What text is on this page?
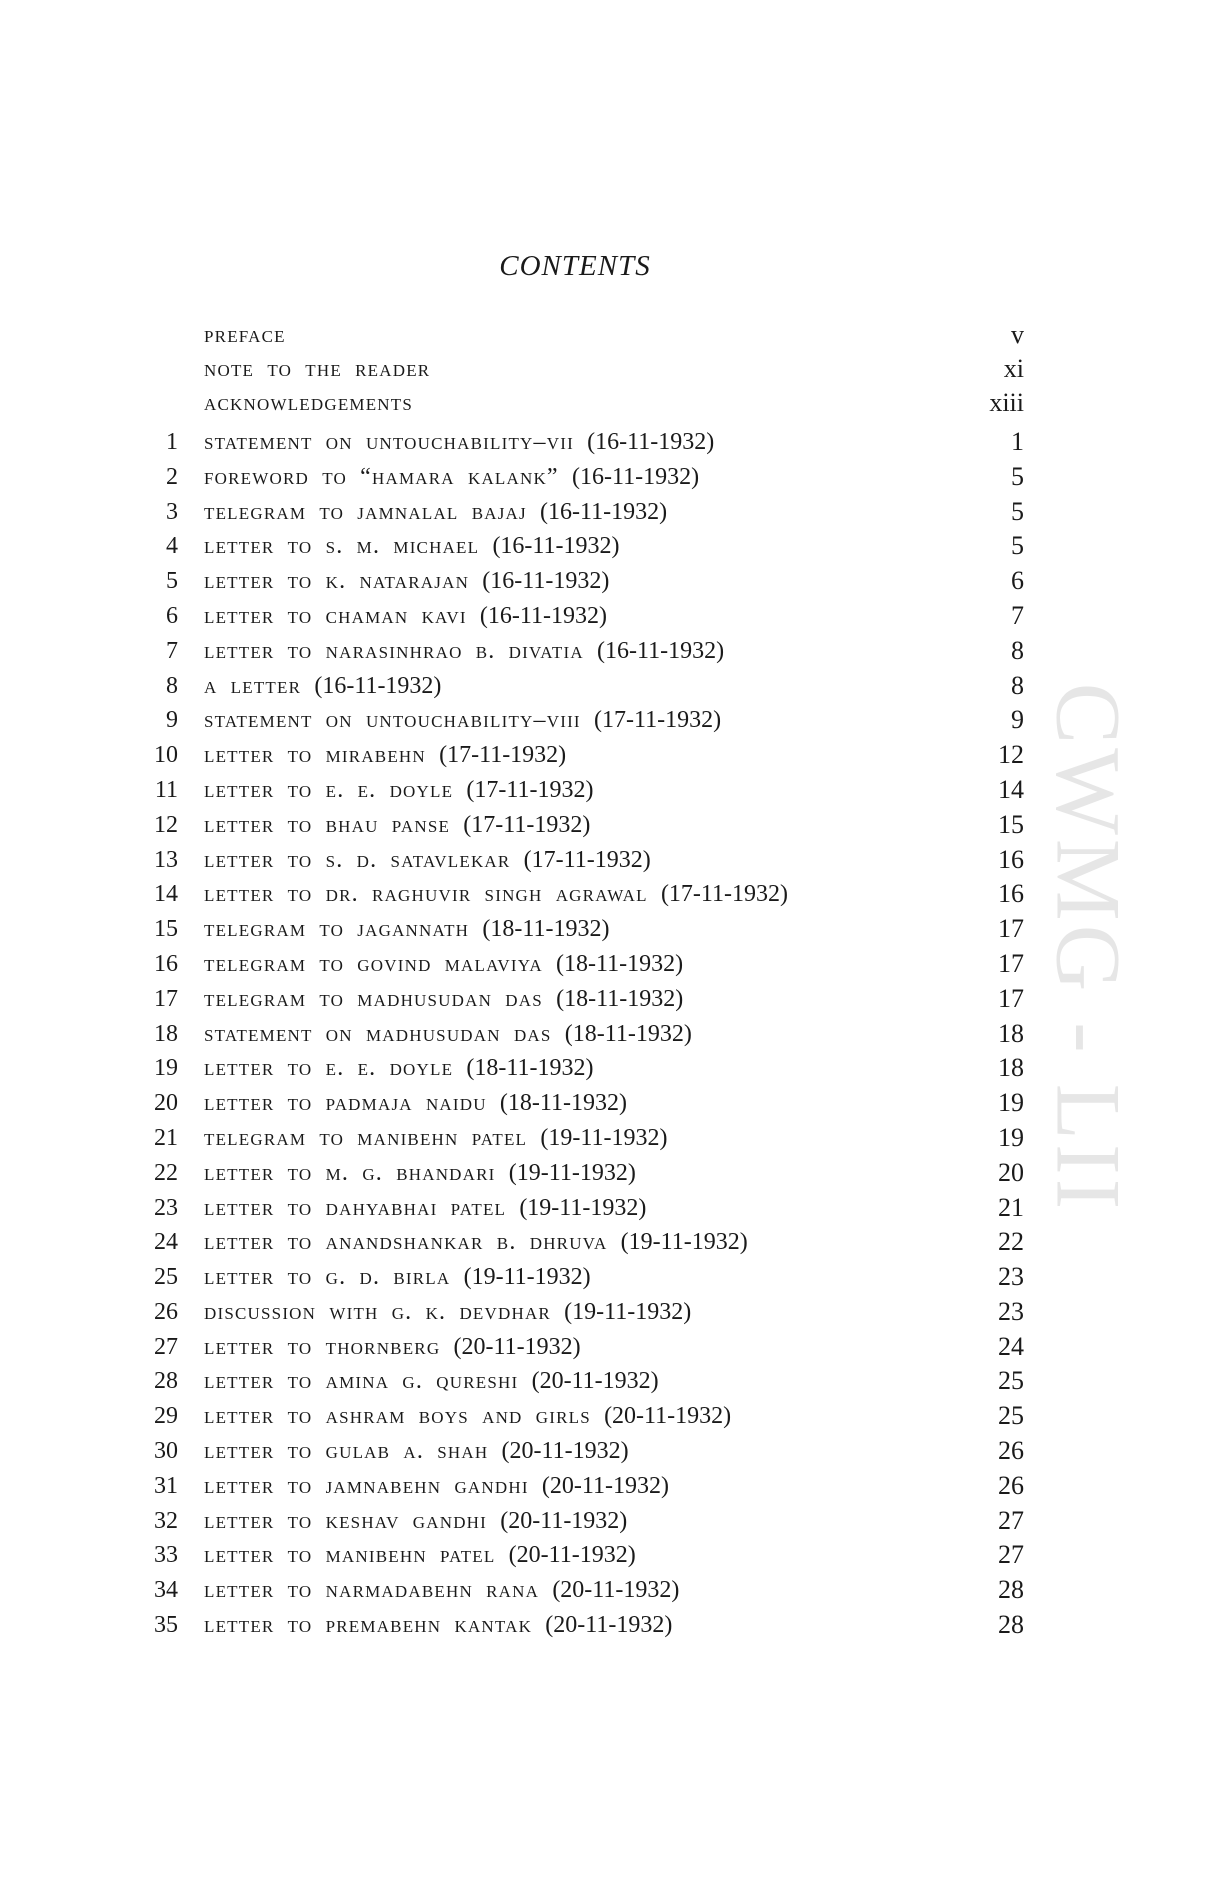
CWMG - LII
CONTENTS
preface	v
note to the reader	xi
acknowledgements	xiii
1 statement on untouchability–vii (16-11-1932)	1
2 foreword to “hamara kalank” (16-11-1932)	5
3 telegram to jamnalal bajaj (16-11-1932)	5
4 letter to s. m. michael (16-11-1932)	5
5 letter to k. natarajan (16-11-1932)	6
6 letter to chaman kavi (16-11-1932)	7
7 letter to narasinhrao b. divatia (16-11-1932)	8
8 a letter (16-11-1932)	8
9 statement on untouchability–viii (17-11-1932)	9
10 letter to mirabehn (17-11-1932)	12
11 letter to e. e. doyle (17-11-1932)	14
12 letter to bhau panse (17-11-1932)	15
13 letter to s. d. satavlekar (17-11-1932)	16
14 letter to dr. raghuvir singh agrawal (17-11-1932)	16
15 telegram to jagannath (18-11-1932)	17
16 telegram to govind malaviya (18-11-1932)	17
17 telegram to madhusudan das (18-11-1932)	17
18 statement on madhusudan das (18-11-1932)	18
19 letter to e. e. doyle (18-11-1932)	18
20 letter to padmaja naidu (18-11-1932)	19
21 telegram to manibehn patel (19-11-1932)	19
22 letter to m. g. bhandari (19-11-1932)	20
23 letter to dahyabhai patel (19-11-1932)	21
24 letter to anandshankar b. dhruva (19-11-1932)	22
25 letter to g. d. birla (19-11-1932)	23
26 discussion with g. k. devdhar (19-11-1932)	23
27 letter to thornberg (20-11-1932)	24
28 letter to amina g. qureshi (20-11-1932)	25
29 letter to ashram boys and girls (20-11-1932)	25
30 letter to gulab a. shah (20-11-1932)	26
31 letter to jamnabehn gandhi (20-11-1932)	26
32 letter to keshav gandhi (20-11-1932)	27
33 letter to manibehn patel (20-11-1932)	27
34 letter to narmadabehn rana (20-11-1932)	28
35 letter to premabehn kantak (20-11-1932)	28
